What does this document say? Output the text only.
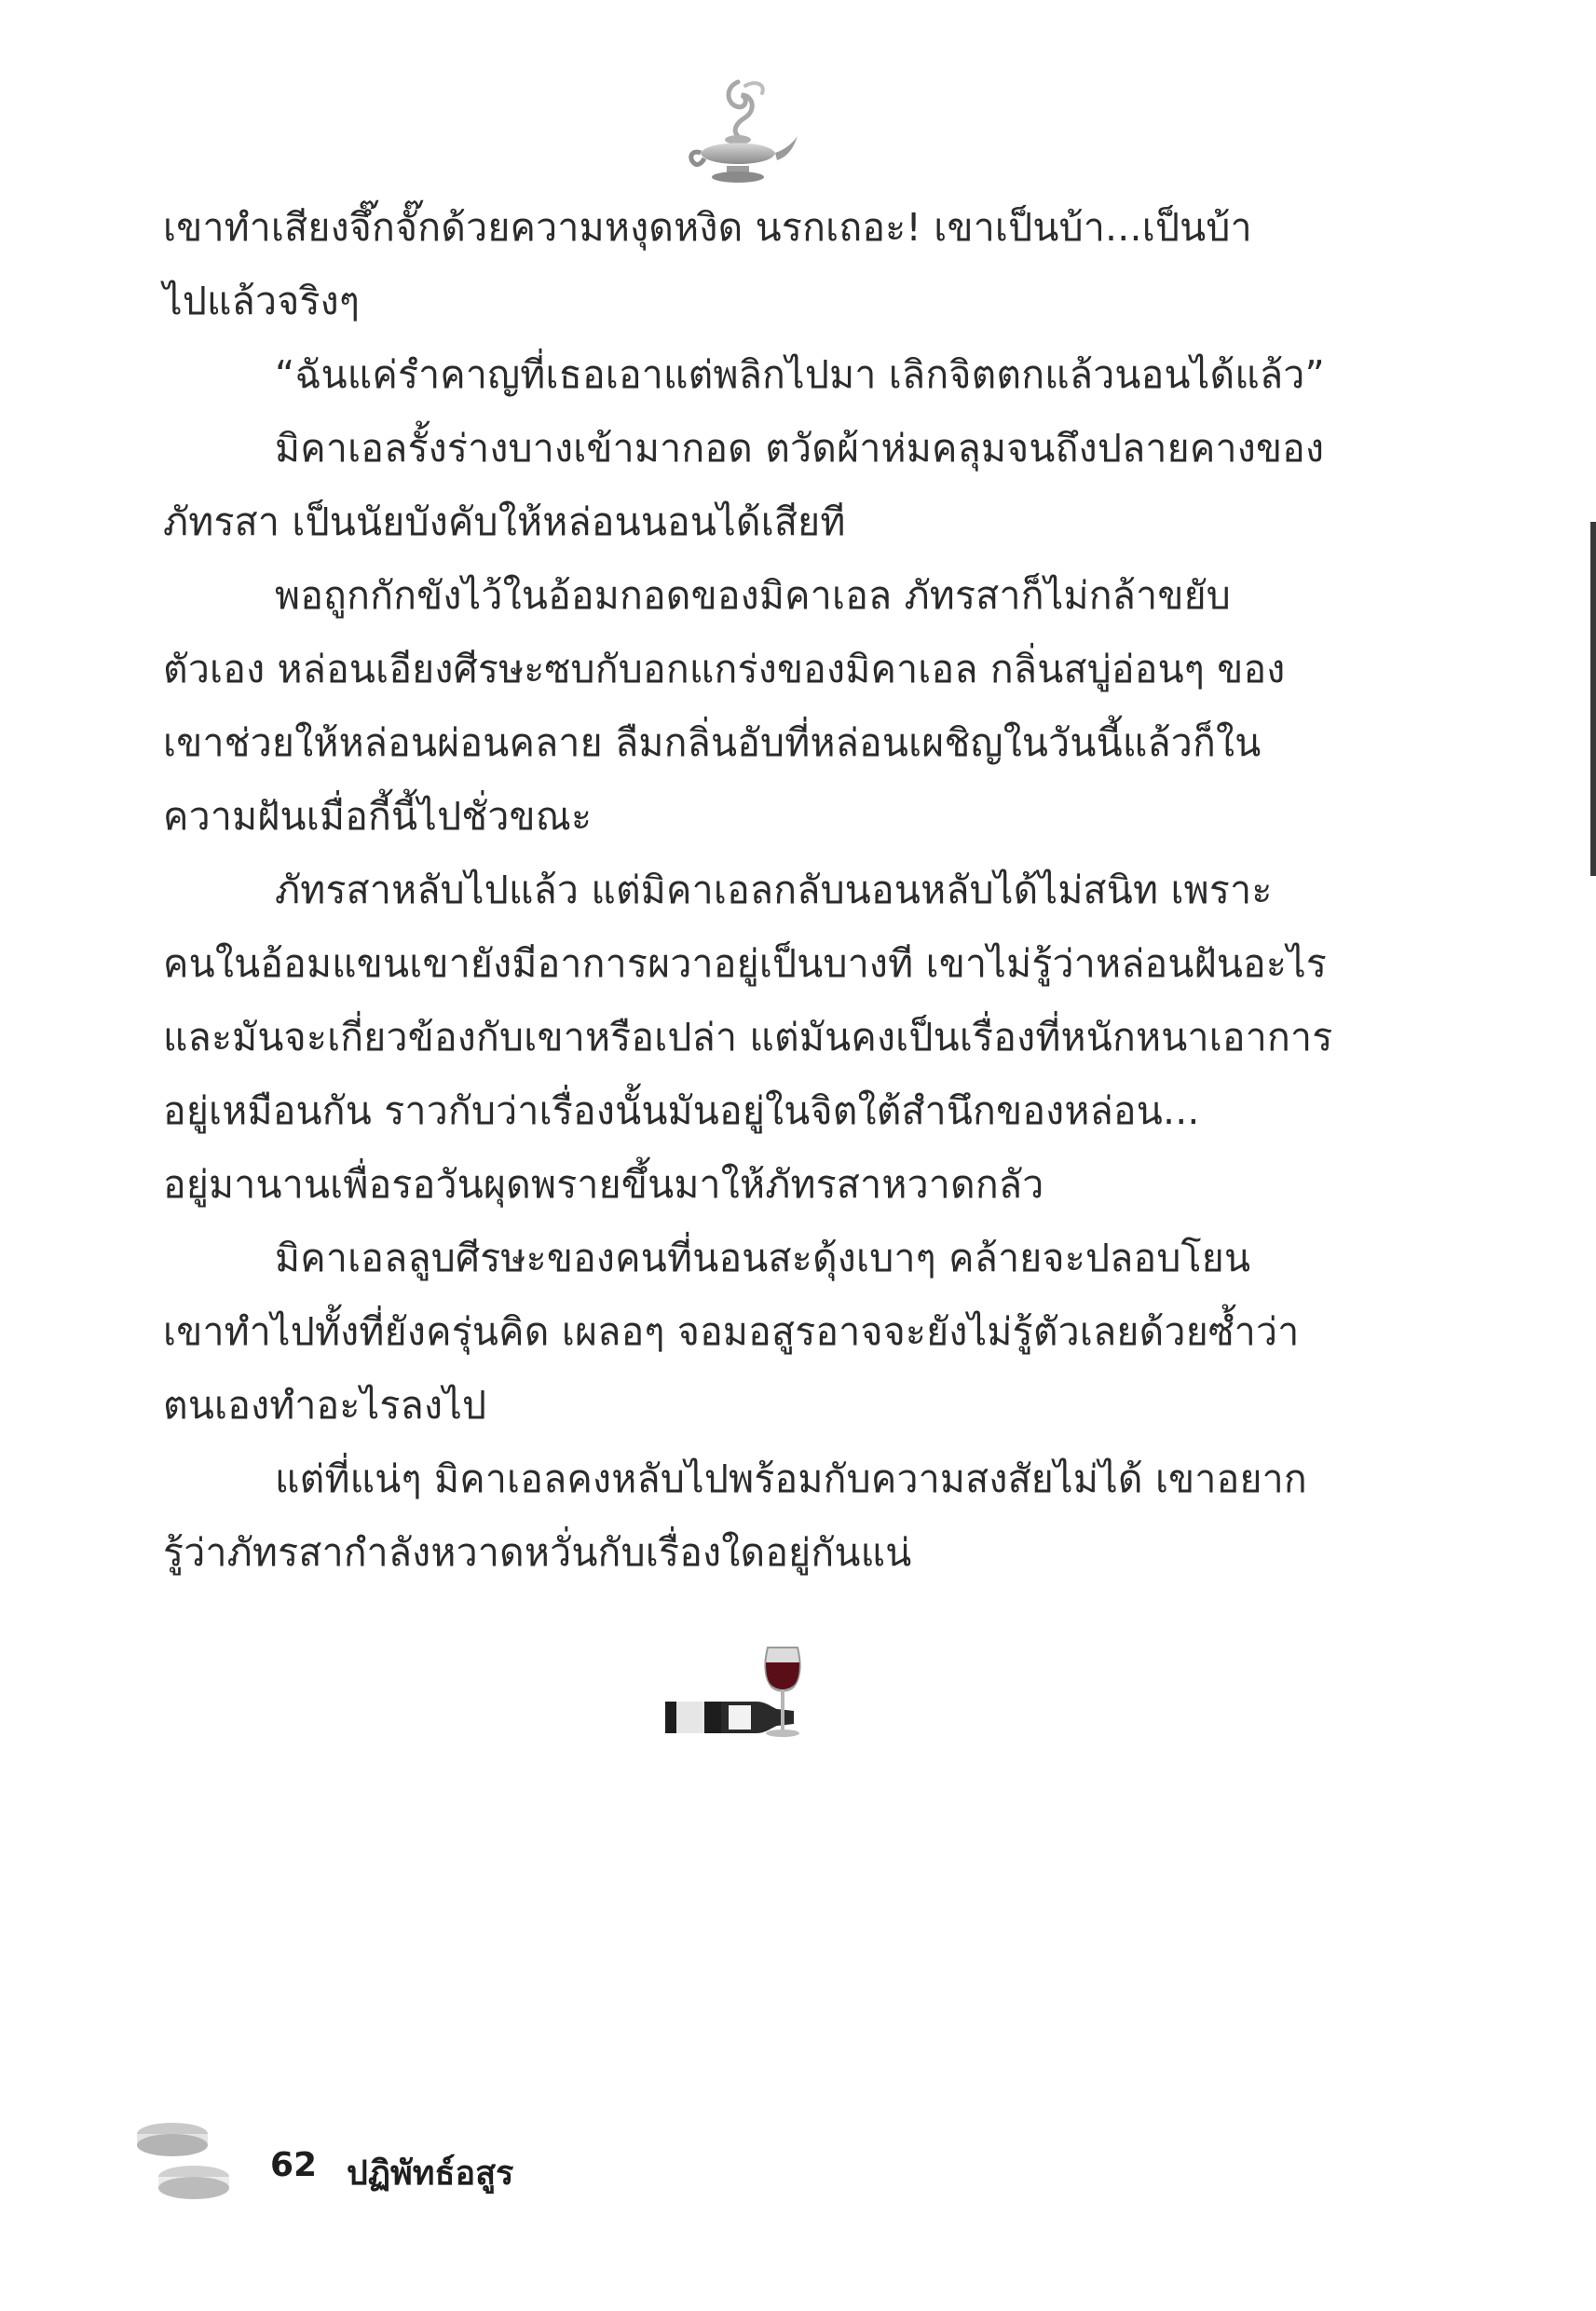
เขาทำเสียงจึ๊กจั๊กด้วยความหงุดหงิด นรกเถอะ! เขาเป็นบ้า...เป็นบ้า
ไปแล้วจริงๆ
“ฉันแค่รำคาญที่เธอเอาแต่พลิกไปมา เลิกจิตตกแล้วนอนได้แล้ว”
มิคาเอลรั้งร่างบางเข้ามากอด ตวัดผ้าห่มคลุมจนถึงปลายคางของ
ภัทรสา เป็นนัยบังคับให้หล่อนนอนได้เสียที
พอถูกกักขังไว้ในอ้อมกอดของมิคาเอล ภัทรสาก็ไม่กล้าขยับ
ตัวเอง หล่อนเอียงศีรษะซบกับอกแกร่งของมิคาเอล กลิ่นสบู่อ่อนๆ ของ
เขาช่วยให้หล่อนผ่อนคลาย ลืมกลิ่นอับที่หล่อนเผชิญในวันนี้แล้วก็ใน
ความฝันเมื่อกี้นี้ไปชั่วขณะ
ภัทรสาหลับไปแล้ว แต่มิคาเอลกลับนอนหลับได้ไม่สนิท เพราะ
คนในอ้อมแขนเขายังมีอาการผวาอยู่เป็นบางที เขาไม่รู้ว่าหล่อนฝันอะไร
และมันจะเกี่ยวข้องกับเขาหรือเปล่า แต่มันคงเป็นเรื่องที่หนักหนาเอาการ
อยู่เหมือนกัน ราวกับว่าเรื่องนั้นมันอยู่ในจิตใต้สำนึกของหล่อน...
อยู่มานานเพื่อรอวันผุดพรายขึ้นมาให้ภัทรสาหวาดกลัว
มิคาเอลลูบศีรษะของคนที่นอนสะดุ้งเบาๆ คล้ายจะปลอบโยน
เขาทำไปทั้งที่ยังครุ่นคิด เผลอๆ จอมอสูรอาจจะยังไม่รู้ตัวเลยด้วยซ้ำว่า
ตนเองทำอะไรลงไป
แต่ที่แน่ๆ มิคาเอลคงหลับไปพร้อมกับความสงสัยไม่ได้ เขาอยาก
รู้ว่าภัทรสากำลังหวาดหวั่นกับเรื่องใดอยู่กันแน่
62 ปฏิพัทธ์อสูร
